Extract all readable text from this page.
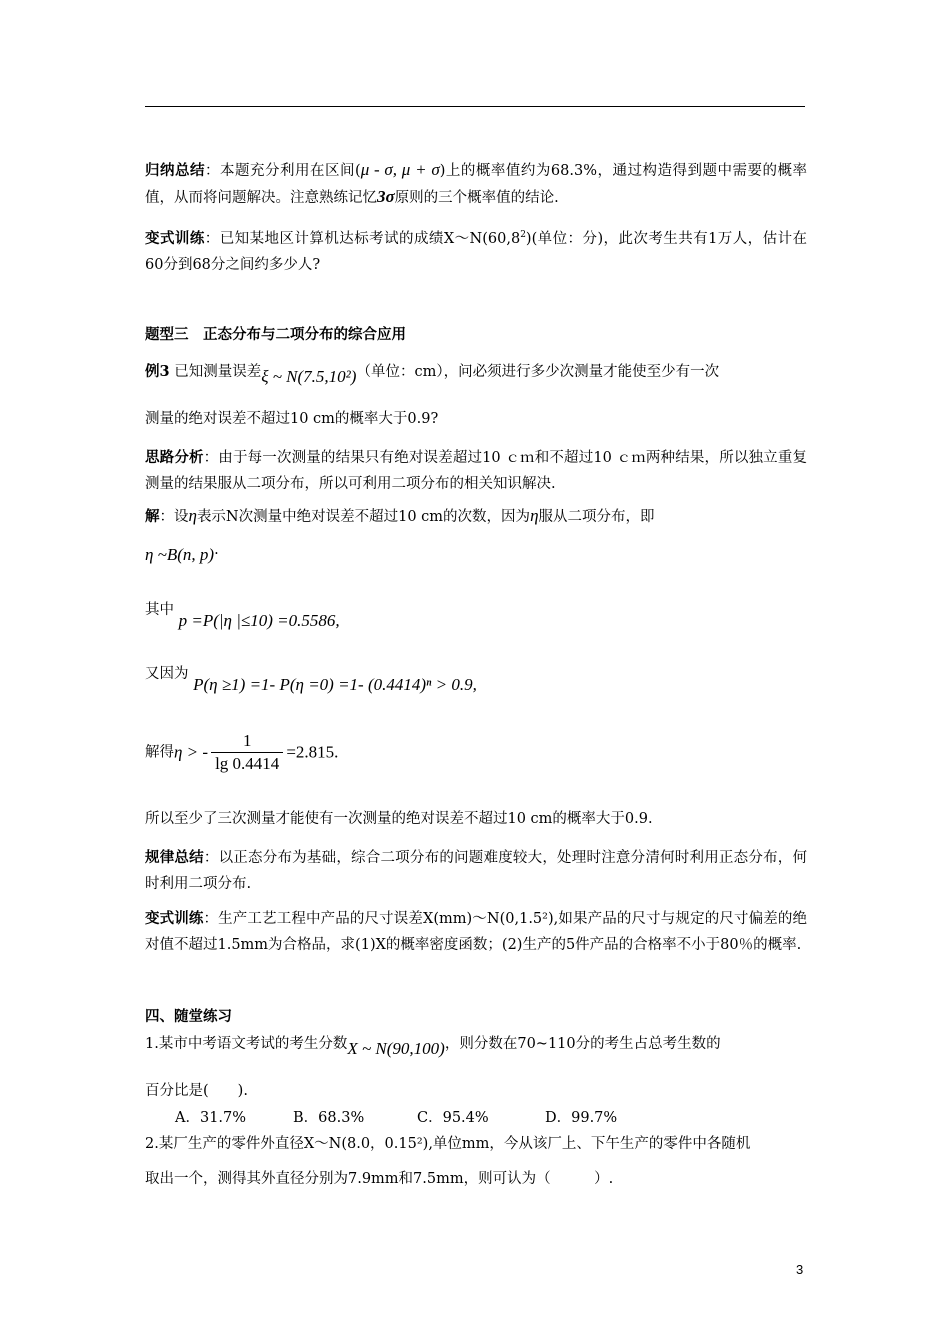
归纳总结：本题充分利用在区间(μ - σ, μ + σ)上的概率值约为68.3%，通过构造得到题中需要的概率值，从而将问题解决。注意熟练记忆3σ原则的三个概率值的结论.
变式训练：已知某地区计算机达标考试的成绩X～N(60,8$^2$)(单位：分)，此次考生共有1万人，估计在60分到68分之间约多少人?
题型三　正态分布与二项分布的综合应用
例3 已知测量误差ξ ~ N(7.5,10²)（单位：cm），问必须进行多少次测量才能使至少有一次
测量的绝对误差不超过10 cm的概率大于0.9?
思路分析：由于每一次测量的结果只有绝对误差超过10 ｃｍ和不超过10 ｃｍ两种结果，所以独立重复测量的结果服从二项分布，所以可利用二项分布的相关知识解决.
解：设η表示N次测量中绝对误差不超过10 cm的次数，因为η服从二项分布，即
η ~B(n, p).
其中 p =P(|η |≤10) =0.5586,
又因为 P(η ≥1) =1- P(η =0) =1- (0.4414)ⁿ > 0.9,
解得η > - $\frac{1}{\lg 0.4414} =2.815$.
所以至少了三次测量才能使有一次测量的绝对误差不超过10 cm的概率大于0.9.
规律总结：以正态分布为基础，综合二项分布的问题难度较大，处理时注意分清何时利用正态分布，何时利用二项分布.
变式训练：生产工艺工程中产品的尺寸误差X(mm)～N(0,1.5²),如果产品的尺寸与规定的尺寸偏差的绝对值不超过1.5mm为合格品，求(1)X的概率密度函数；(2)生产的5件产品的合格率不小于80％的概率.
四、随堂练习
1.某市中考语文考试的考生分数X ~ N(90,100)，则分数在70~110分的考生占总考生数的
百分比是(　　).
A．31.7%	B．68.3%	C．95.4%	D．99.7%
2.某厂生产的零件外直径X～N(8.0，0.15²),单位mm，今从该厂上、下午生产的零件中各随机
取出一个，测得其外直径分别为7.9mm和7.5mm，则可认为（　　　）.
3
